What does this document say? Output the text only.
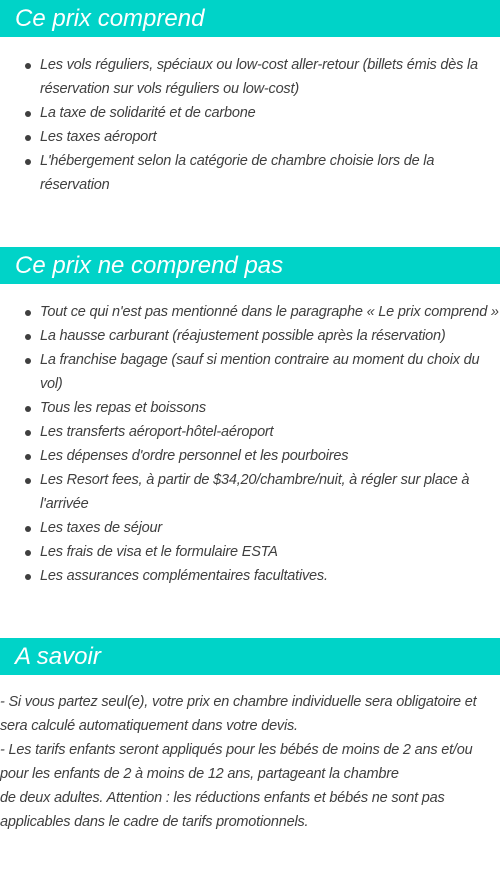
Ce prix comprend
Les vols réguliers, spéciaux ou low-cost aller-retour (billets émis dès la réservation sur vols réguliers ou low-cost)
La taxe de solidarité et de carbone
Les taxes aéroport
L'hébergement selon la catégorie de chambre choisie lors de la réservation
Ce prix ne comprend pas
Tout ce qui n'est pas mentionné dans le paragraphe « Le prix comprend »
La hausse carburant (réajustement possible après la réservation)
La franchise bagage (sauf si mention contraire au moment du choix du vol)
Tous les repas et boissons
Les transferts aéroport-hôtel-aéroport
Les dépenses d'ordre personnel et les pourboires
Les Resort fees, à partir de $34,20/chambre/nuit, à régler sur place à l'arrivée
Les taxes de séjour
Les frais de visa et le formulaire ESTA
Les assurances complémentaires facultatives.
A savoir

- Si vous partez seul(e), votre prix en chambre individuelle sera obligatoire et sera calculé automatiquement dans votre devis.

- Les tarifs enfants seront appliqués pour les bébés de moins de 2 ans et/ou pour les enfants de 2 à moins de 12 ans, partageant la chambre

de deux adultes. Attention : les réductions enfants et bébés ne sont pas applicables dans le cadre de tarifs promotionnels.
